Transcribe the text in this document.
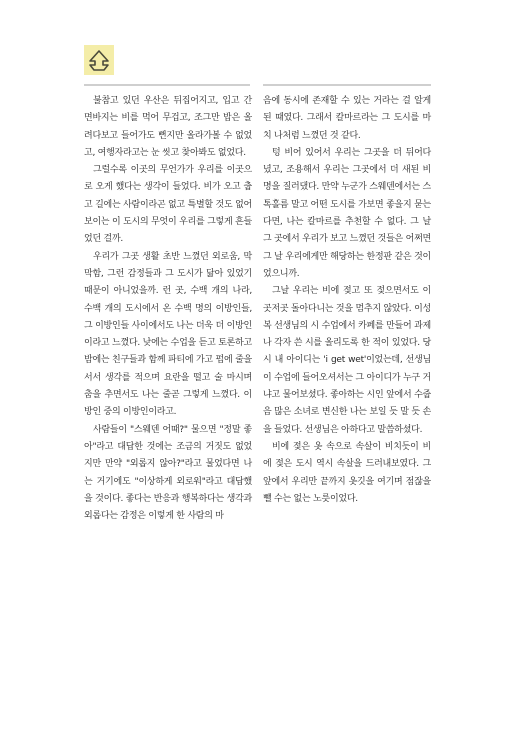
불참고 있던 우산은 뒤집어지고, 입고 간 면바지는 비를 먹어 무겁고, 조그만 밥은 올려다보고 들어가도 뻔지만 올라가볼 수 없었고, 여행자라고는 눈 씻고 찾아봐도 없었다.

그럴수록 이곳의 무언가가 우리를 이곳으로 오게 했다는 생각이 들었다. 비가 오고 춥고 길에는 사람이라곤 없고 특별할 것도 없어 보이는 이 도시의 무엇이 우리를 그렇게 흔들었던 걸까.

우리가 그곳 생활 초반 느꼈던 외로움, 막막함, 그런 감정들과 그 도시가 닮아 있었기 때문이 아니었을까. 런 곳, 수백 개의 나라, 수백 개의 도시에서 온 수백 명의 이방인들, 그 이방인들 사이에서도 나는 더욱 더 이방인이라고 느꼈다. 낮에는 수업을 듣고 토론하고 밤에는 친구들과 함께 파티에 가고 펍에 줄을 서서 생각를 적으며 요란을 떨고 술 마시며 춤을 추면서도 나는 줄곧 그렇게 느꼈다. 이방인 중의 이방인이라고.

사람들이 "스웨덴 어때?" 물으면 "정말 좋아"라고 대답한 것에는 조금의 거짓도 없었지만 만약 "외롭지 않아?"라고 물었다면 나는 거기에도 "이상하게 외로워"라고 대답했을 것이다. 좋다는 반응과 행복하다는 생각과 외롭다는 감정은 이렇게 한 사람의 마

음에 동시에 존재할 수 있는 거라는 걸 알게 된 때였다. 그래서 칼마르라는 그 도시를 마치 나처럼 느꼈던 것 같다.

텅 비어 있어서 우리는 그곳을 더 뒤어다녔고, 조용해서 우리는 그곳에서 더 새된 비명을 질러댔다. 만약 누군가 스웨덴에서는 스톡홀름 말고 어떤 도시를 가보면 좋을지 묻는다면, 나는 칼마르를 추천할 수 없다. 그 날 그 곳에서 우리가 보고 느꼈던 것들은 어쩌면 그 날 우리에게만 해당하는 한정판 같은 것이었으니까.

그날 우리는 비에 젖고 또 젖으면서도 이곳저곳 돌아다니는 것을 멈추지 않았다. 이성복 선생님의 시 수업에서 카페를 만들어 과제나 각자 쓴 시를 올리도록 한 적이 있었다. 당시 내 아이디는 'i get wet'이었는데, 선생님이 수업에 들어오셔서는 그 아이디가 누구 거냐고 물어보셨다. 좋아하는 시인 앞에서 수줍음 많은 소녀로 변신한 나는 보일 듯 말 듯 손을 들었다. 선생님은 아하다고 말씀하셨다.

비에 젖은 옷 속으로 속살이 비치듯이 비에 젖은 도시 역시 속살을 드러내보였다. 그 앞에서 우리만 끝까지 옷깃을 여기며 점잖을 뺄 수는 없는 노릇이었다.
